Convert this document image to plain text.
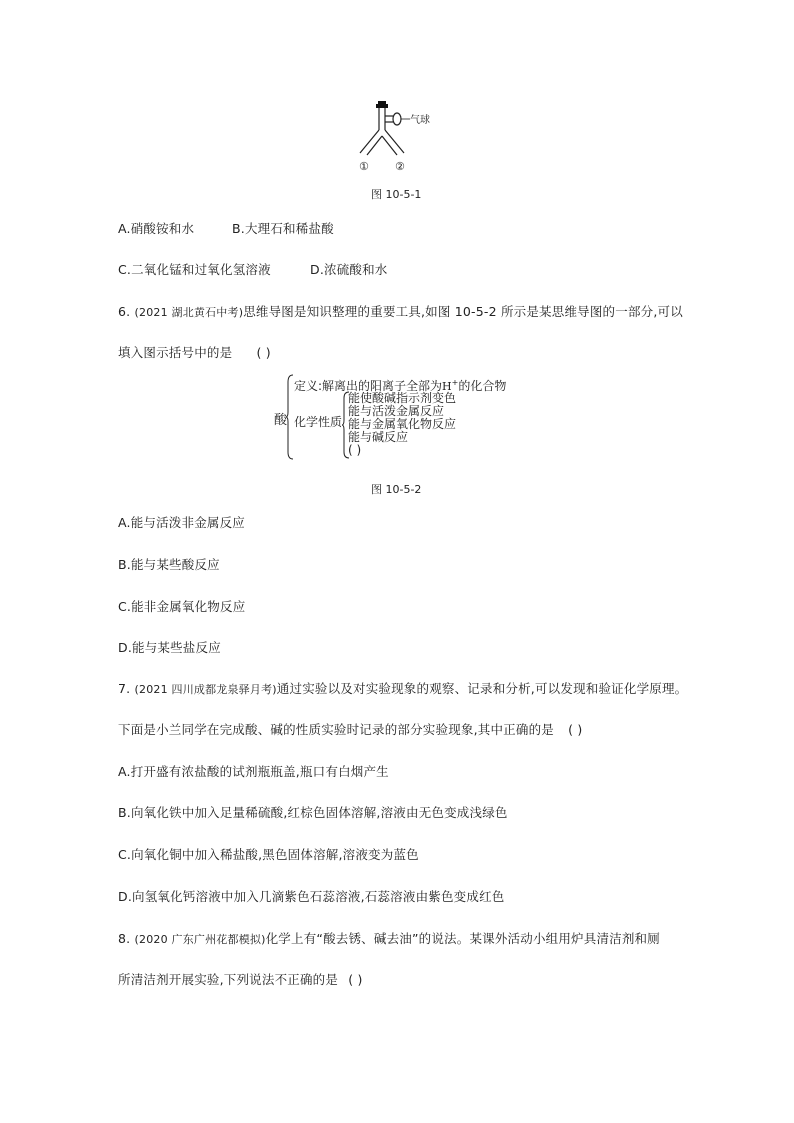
气球
① ②
图 10-5-1
A.硝酸铵和水	B.大理石和稀盐酸
C.二氧化锰和过氧化氢溶液	D.浓硫酸和水
6. (2021 湖北黄石中考)思维导图是知识整理的重要工具,如图 10-5-2 所示是某思维导图的一部分,可以
填入图示括号中的是 ( )
酸
定义:解离出的阳离子全部为H+的化合物
化学性质
能使酸碱指示剂变色
能与活泼金属反应
能与金属氧化物反应
能与碱反应
( )
图 10-5-2
A.能与活泼非金属反应
B.能与某些酸反应
C.能非金属氧化物反应
D.能与某些盐反应
7. (2021 四川成都龙泉驿月考)通过实验以及对实验现象的观察、记录和分析,可以发现和验证化学原理。
下面是小兰同学在完成酸、碱的性质实验时记录的部分实验现象,其中正确的是 ( )
A.打开盛有浓盐酸的试剂瓶瓶盖,瓶口有白烟产生
B.向氧化铁中加入足量稀硫酸,红棕色固体溶解,溶液由无色变成浅绿色
C.向氧化铜中加入稀盐酸,黑色固体溶解,溶液变为蓝色
D.向氢氧化钙溶液中加入几滴紫色石蕊溶液,石蕊溶液由紫色变成红色
8. (2020 广东广州花都模拟)化学上有“酸去锈、碱去油”的说法。某课外活动小组用炉具清洁剂和厕
所清洁剂开展实验,下列说法不正确的是 ( )
